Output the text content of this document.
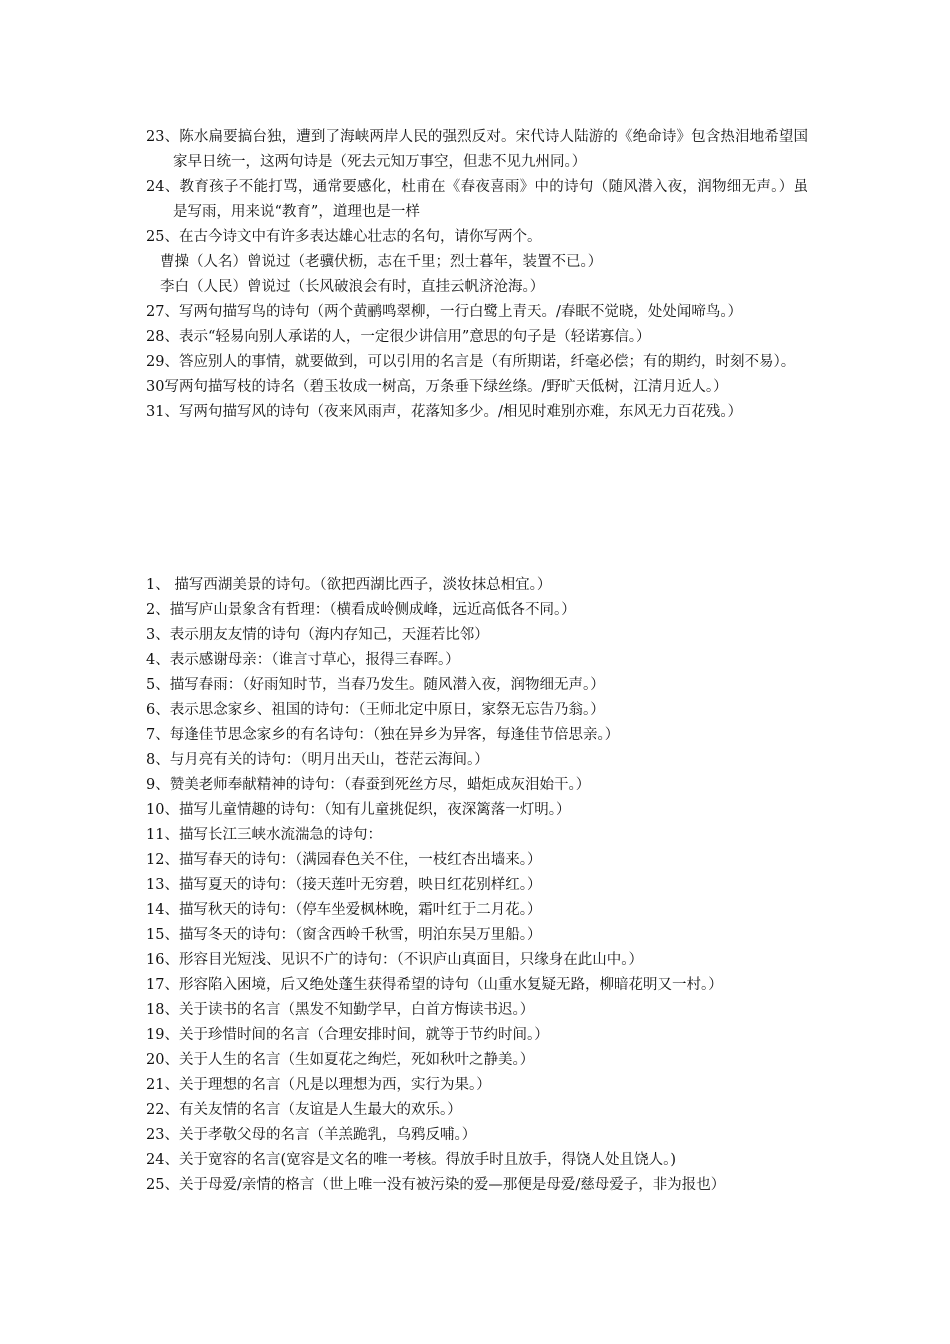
23、陈水扁要搞台独，遭到了海峡两岸人民的强烈反对。宋代诗人陆游的《绝命诗》包含热泪地希望国家早日统一，这两句诗是（死去元知万事空，但悲不见九州同。）
24、教育孩子不能打骂，通常要感化，杜甫在《春夜喜雨》中的诗句（随风潜入夜，润物细无声。）虽是写雨，用来说“教育”，道理也是一样
25、在古今诗文中有许多表达雄心壮志的名句，请你写两个。
曹操（人名）曾说过（老骥伏枥，志在千里；烈士暮年，装置不已。）
李白（人民）曾说过（长风破浪会有时，直挂云帆济沧海。）
27、写两句描写鸟的诗句（两个黄鹂鸣翠柳，一行白鹭上青天。/春眠不觉晓，处处闻啼鸟。）
28、表示“轻易向别人承诺的人，一定很少讲信用”意思的句子是（轻诺寡信。）
29、答应别人的事情，就要做到，可以引用的名言是（有所期诺，纤毫必偿；有的期约，时刻不易）。
30写两句描写枝的诗名（碧玉妆成一树高，万条垂下绿丝绦。/野旷天低树，江清月近人。）
31、写两句描写风的诗句（夜来风雨声，花落知多少。/相见时难别亦难，东风无力百花残。）
1、 描写西湖美景的诗句。（欲把西湖比西子，淡妆抹总相宜。）
2、描写庐山景象含有哲理：（横看成岭侧成峰，远近高低各不同。）
3、表示朋友友情的诗句（海内存知己，天涯若比邻）
4、表示感谢母亲：（谁言寸草心，报得三春晖。）
5、描写春雨：（好雨知时节，当春乃发生。随风潜入夜，润物细无声。）
6、表示思念家乡、祖国的诗句：（王师北定中原日，家祭无忘告乃翁。）
7、每逢佳节思念家乡的有名诗句：（独在异乡为异客，每逢佳节倍思亲。）
8、与月亮有关的诗句：（明月出天山，苍茫云海间。）
9、赞美老师奉献精神的诗句：（春蚕到死丝方尽，蜡炬成灰泪始干。）
10、描写儿童情趣的诗句：（知有儿童挑促织，夜深篱落一灯明。）
11、描写长江三峡水流湍急的诗句：
12、描写春天的诗句：（满园春色关不住，一枝红杏出墙来。）
13、描写夏天的诗句：（接天莲叶无穷碧，映日红花别样红。）
14、描写秋天的诗句：（停车坐爱枫林晚，霜叶红于二月花。）
15、描写冬天的诗句：（窗含西岭千秋雪，明泊东吴万里船。）
16、形容目光短浅、见识不广的诗句：（不识庐山真面目，只缘身在此山中。）
17、形容陷入困境，后又绝处蓬生获得希望的诗句（山重水复疑无路，柳暗花明又一村。）
18、关于读书的名言（黑发不知勤学早，白首方悔读书迟。）
19、关于珍惜时间的名言（合理安排时间，就等于节约时间。）
20、关于人生的名言（生如夏花之绚烂，死如秋叶之静美。）
21、关于理想的名言（凡是以理想为西，实行为果。）
22、有关友情的名言（友谊是人生最大的欢乐。）
23、关于孝敬父母的名言（羊羔跪乳，乌鸦反哺。）
24、关于宽容的名言(宽容是文名的唯一考核。得放手时且放手，得饶人处且饶人。)
25、关于母爱/亲情的格言（世上唯一没有被污染的爱—那便是母爱/慈母爱子，非为报也）
